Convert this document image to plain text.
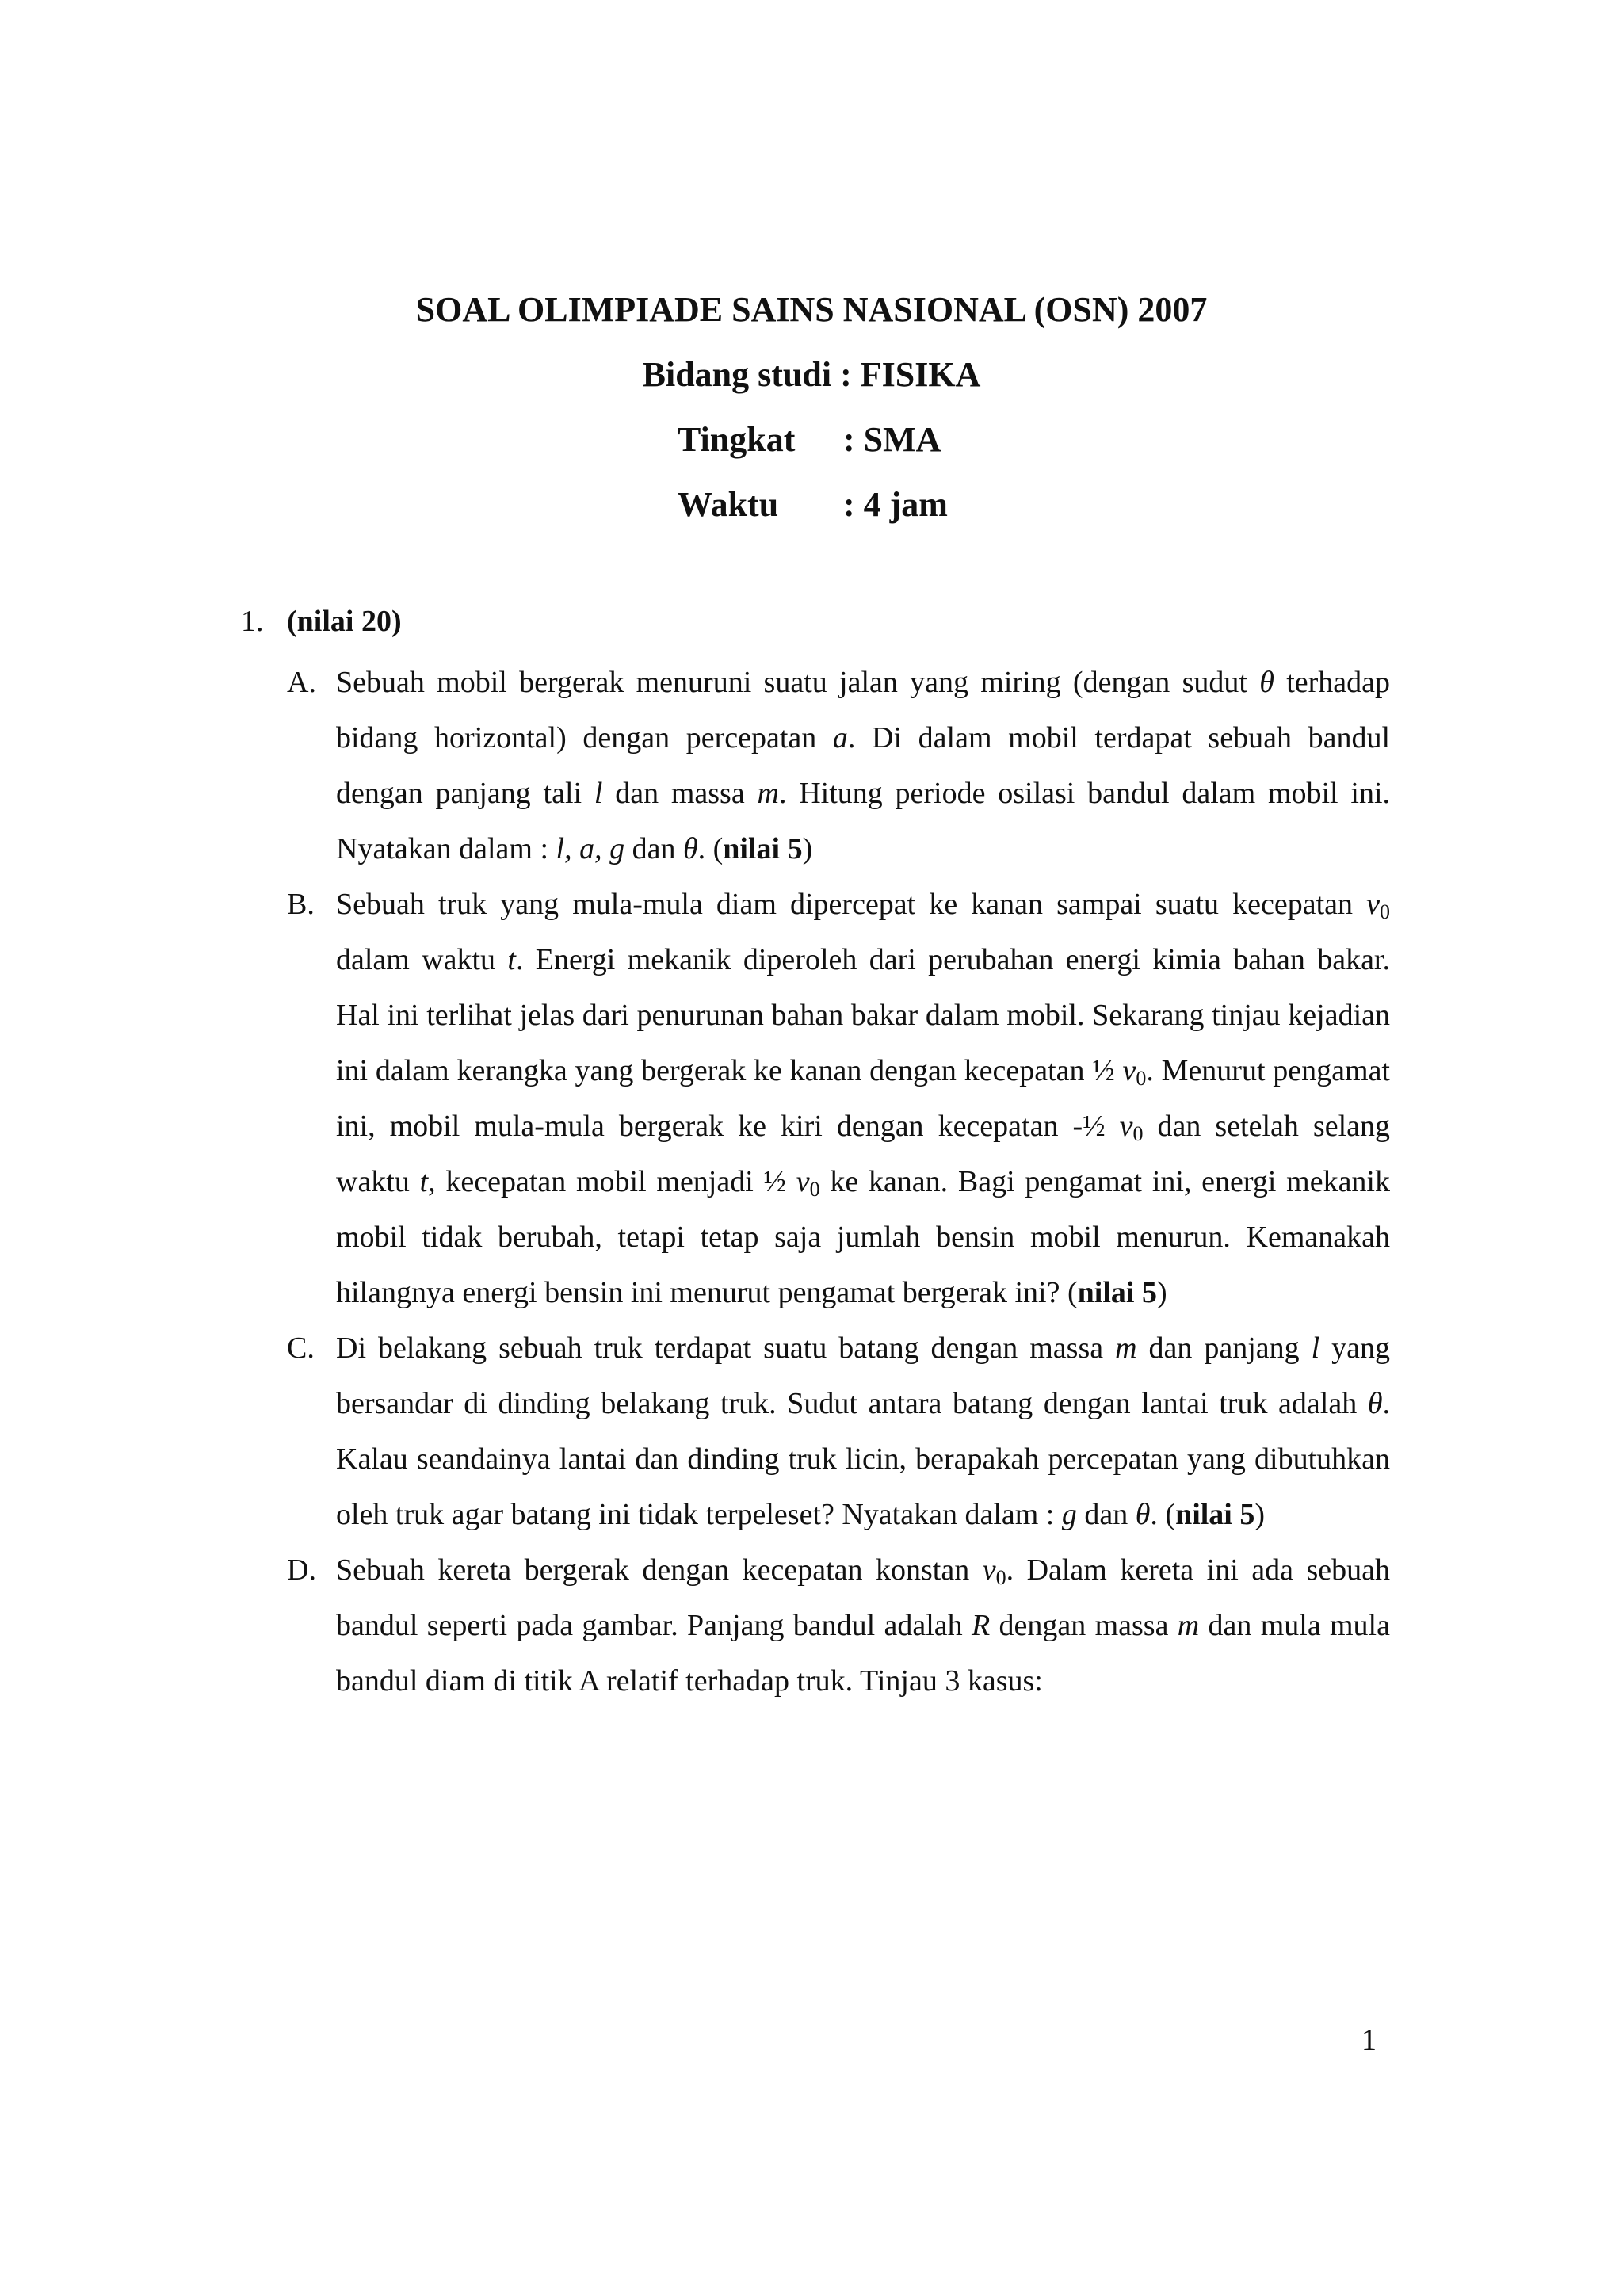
SOAL OLIMPIADE SAINS NASIONAL (OSN) 2007
Bidang studi : FISIKA
Tingkat : SMA
Waktu : 4 jam
1. (nilai 20)
A. Sebuah mobil bergerak menuruni suatu jalan yang miring (dengan sudut θ terhadap bidang horizontal) dengan percepatan a. Di dalam mobil terdapat sebuah bandul dengan panjang tali l dan massa m. Hitung periode osilasi bandul dalam mobil ini. Nyatakan dalam : l, a, g dan θ. (nilai 5)
B. Sebuah truk yang mula-mula diam dipercepat ke kanan sampai suatu kecepatan $v_0$ dalam waktu t. Energi mekanik diperoleh dari perubahan energi kimia bahan bakar. Hal ini terlihat jelas dari penurunan bahan bakar dalam mobil. Sekarang tinjau kejadian ini dalam kerangka yang bergerak ke kanan dengan kecepatan ½ $v_0$. Menurut pengamat ini, mobil mula-mula bergerak ke kiri dengan kecepatan -½ $v_0$ dan setelah selang waktu t, kecepatan mobil menjadi ½ $v_0$ ke kanan. Bagi pengamat ini, energi mekanik mobil tidak berubah, tetapi tetap saja jumlah bensin mobil menurun. Kemanakah hilangnya energi bensin ini menurut pengamat bergerak ini? (nilai 5)
C. Di belakang sebuah truk terdapat suatu batang dengan massa m dan panjang l yang bersandar di dinding belakang truk. Sudut antara batang dengan lantai truk adalah θ. Kalau seandainya lantai dan dinding truk licin, berapakah percepatan yang dibutuhkan oleh truk agar batang ini tidak terpeleset? Nyatakan dalam : g dan θ. (nilai 5)
D. Sebuah kereta bergerak dengan kecepatan konstan $v_0$. Dalam kereta ini ada sebuah bandul seperti pada gambar. Panjang bandul adalah R dengan massa m dan mula mula bandul diam di titik A relatif terhadap truk. Tinjau 3 kasus:
1
